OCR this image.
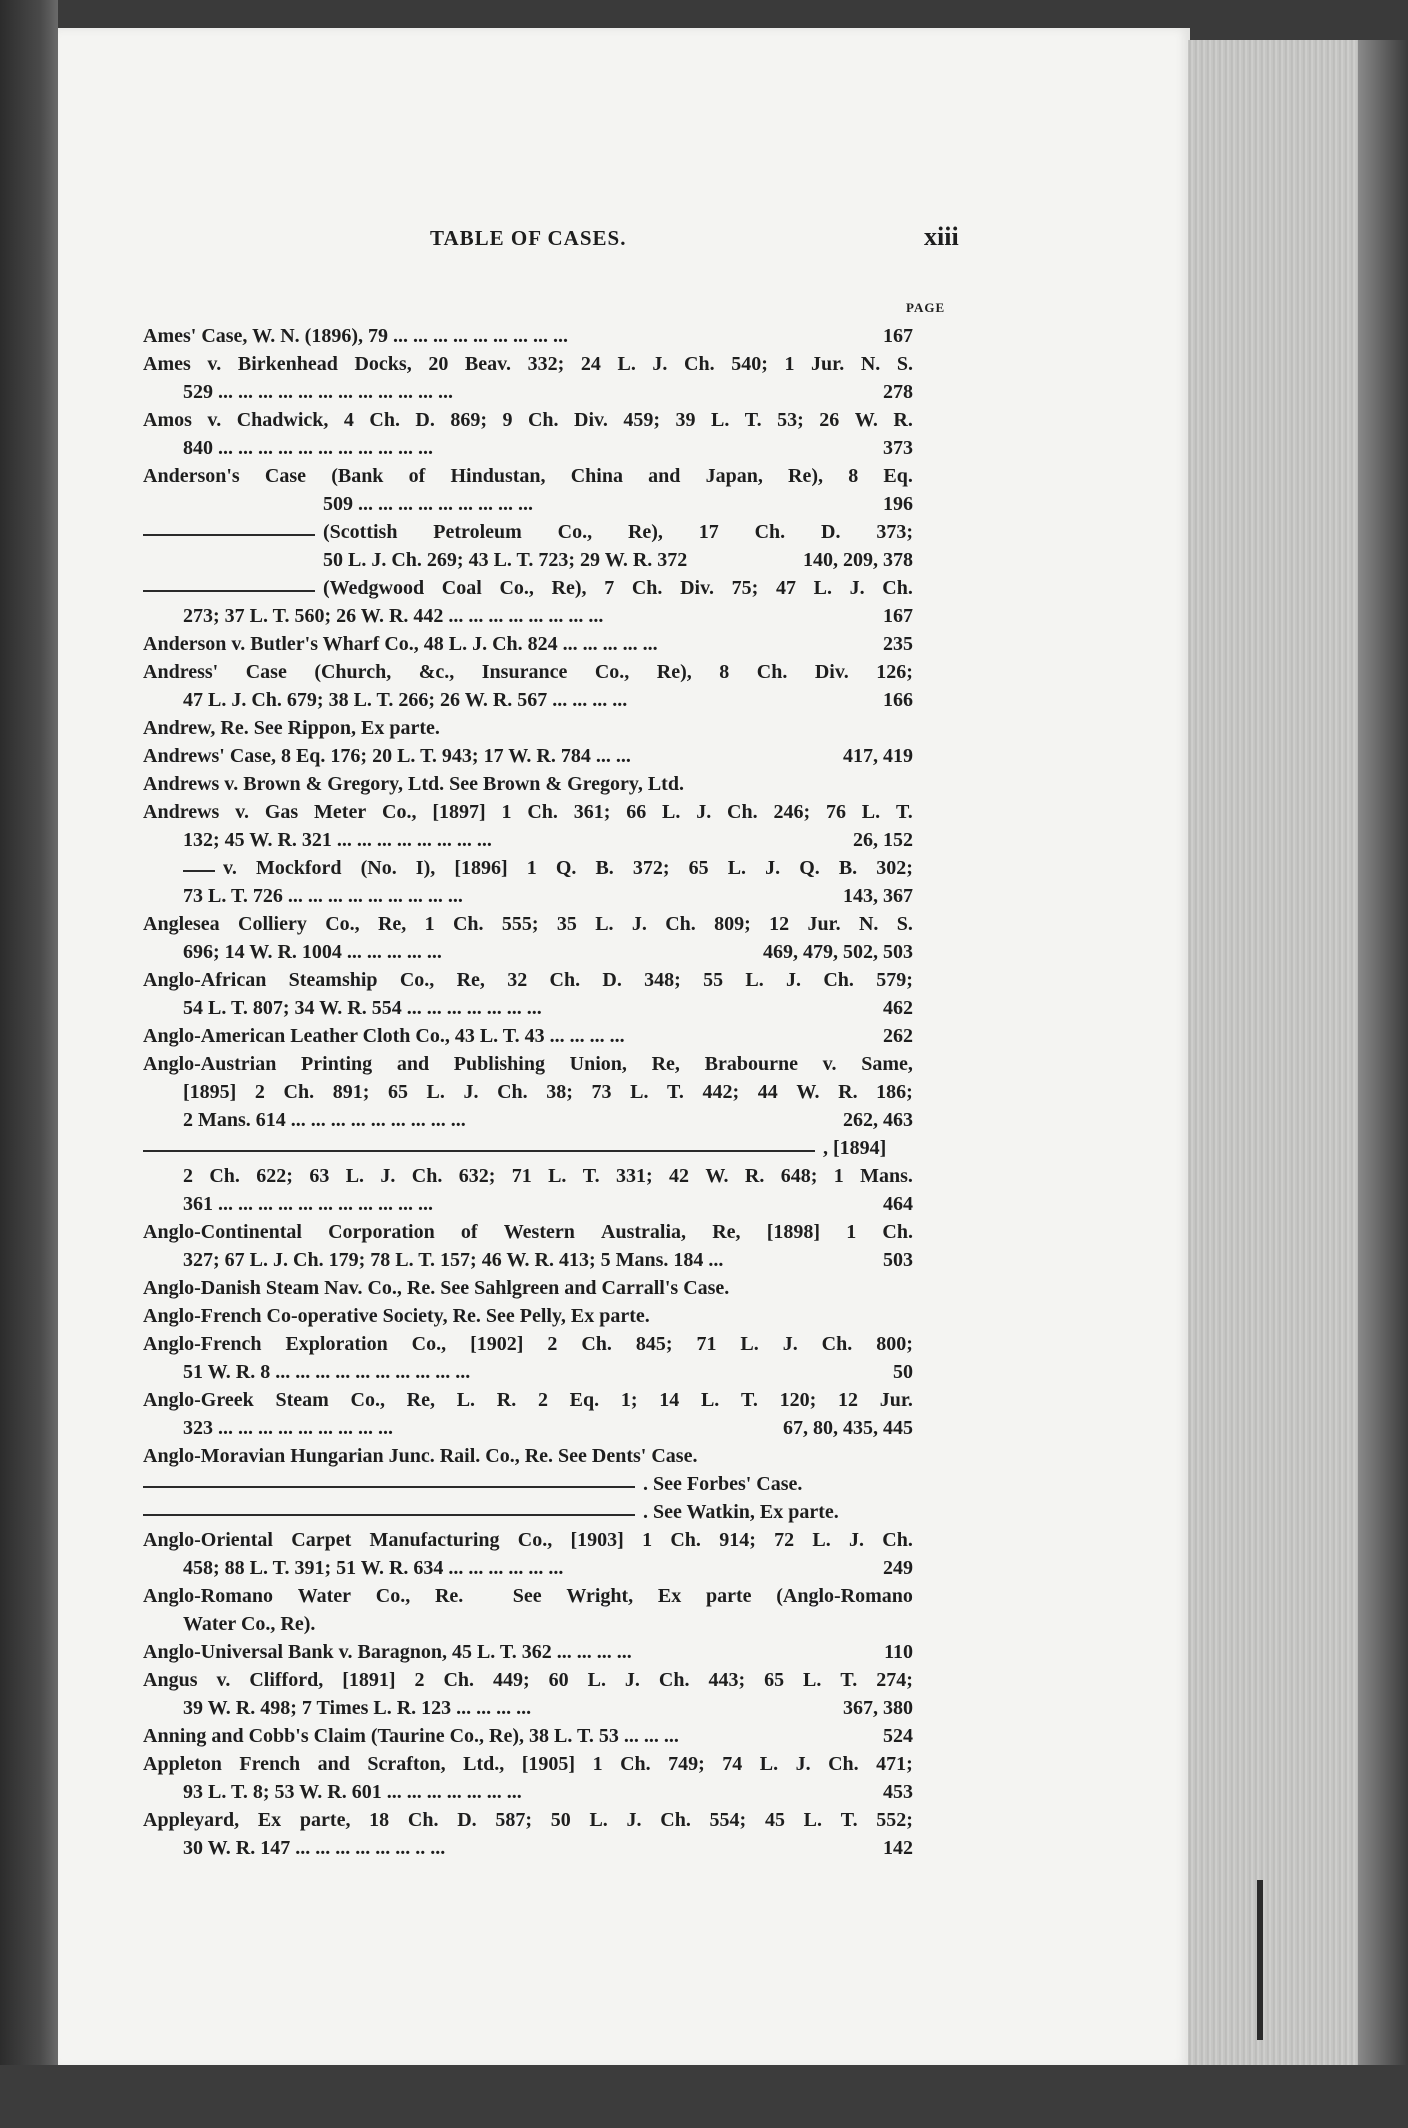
TABLE OF CASES.	xiii
PAGE
Ames' Case, W. N. (1896), 79 ... ... ... ... ... ... ... ... ...	167
Ames v. Birkenhead Docks, 20 Beav. 332; 24 L. J. Ch. 540; 1 Jur. N. S.
529 ... ... ... ... ... ... ... ... ... ... ... ...	278
Amos v. Chadwick, 4 Ch. D. 869; 9 Ch. Div. 459; 39 L. T. 53; 26 W. R.
840 ... ... ... ... ... ... ... ... ... ... ...	373
Anderson's Case (Bank of Hindustan, China and Japan, Re), 8 Eq.
509 ... ... ... ... ... ... ... ... ...	196
(Scottish Petroleum Co., Re), 17 Ch. D. 373;
50 L. J. Ch. 269; 43 L. T. 723; 29 W. R. 372	140, 209, 378
(Wedgwood Coal Co., Re), 7 Ch. Div. 75; 47 L. J. Ch.
273; 37 L. T. 560; 26 W. R. 442 ... ... ... ... ... ... ... ...	167
Anderson v. Butler's Wharf Co., 48 L. J. Ch. 824 ... ... ... ... ...	235
Andress' Case (Church, &c., Insurance Co., Re), 8 Ch. Div. 126;
47 L. J. Ch. 679; 38 L. T. 266; 26 W. R. 567 ... ... ... ...	166
Andrew, Re. See Rippon, Ex parte.
Andrews' Case, 8 Eq. 176; 20 L. T. 943; 17 W. R. 784 ... ...	417, 419
Andrews v. Brown & Gregory, Ltd. See Brown & Gregory, Ltd.
Andrews v. Gas Meter Co., [1897] 1 Ch. 361; 66 L. J. Ch. 246; 76 L. T.
132; 45 W. R. 321 ... ... ... ... ... ... ... ...	26, 152
v. Mockford (No. I), [1896] 1 Q. B. 372; 65 L. J. Q. B. 302;
73 L. T. 726 ... ... ... ... ... ... ... ... ...	143, 367
Anglesea Colliery Co., Re, 1 Ch. 555; 35 L. J. Ch. 809; 12 Jur. N. S.
696; 14 W. R. 1004 ... ... ... ... ...	469, 479, 502, 503
Anglo-African Steamship Co., Re, 32 Ch. D. 348; 55 L. J. Ch. 579;
54 L. T. 807; 34 W. R. 554 ... ... ... ... ... ... ...	462
Anglo-American Leather Cloth Co., 43 L. T. 43 ... ... ... ...	262
Anglo-Austrian Printing and Publishing Union, Re, Brabourne v. Same,
[1895] 2 Ch. 891; 65 L. J. Ch. 38; 73 L. T. 442; 44 W. R. 186;
2 Mans. 614 ... ... ... ... ... ... ... ... ...	262, 463
, [1894]
2 Ch. 622; 63 L. J. Ch. 632; 71 L. T. 331; 42 W. R. 648; 1 Mans.
361 ... ... ... ... ... ... ... ... ... ... ...	464
Anglo-Continental Corporation of Western Australia, Re, [1898] 1 Ch.
327; 67 L. J. Ch. 179; 78 L. T. 157; 46 W. R. 413; 5 Mans. 184 ...	503
Anglo-Danish Steam Nav. Co., Re. See Sahlgreen and Carrall's Case.
Anglo-French Co-operative Society, Re. See Pelly, Ex parte.
Anglo-French Exploration Co., [1902] 2 Ch. 845; 71 L. J. Ch. 800;
51 W. R. 8 ... ... ... ... ... ... ... ... ... ...	50
Anglo-Greek Steam Co., Re, L. R. 2 Eq. 1; 14 L. T. 120; 12 Jur.
323 ... ... ... ... ... ... ... ... ...	67, 80, 435, 445
Anglo-Moravian Hungarian Junc. Rail. Co., Re. See Dents' Case.
. See Forbes' Case.
. See Watkin, Ex parte.
Anglo-Oriental Carpet Manufacturing Co., [1903] 1 Ch. 914; 72 L. J. Ch.
458; 88 L. T. 391; 51 W. R. 634 ... ... ... ... ... ...	249
Anglo-Romano Water Co., Re. See Wright, Ex parte (Anglo-Romano
Water Co., Re).
Anglo-Universal Bank v. Baragnon, 45 L. T. 362 ... ... ... ...	110
Angus v. Clifford, [1891] 2 Ch. 449; 60 L. J. Ch. 443; 65 L. T. 274;
39 W. R. 498; 7 Times L. R. 123 ... ... ... ...	367, 380
Anning and Cobb's Claim (Taurine Co., Re), 38 L. T. 53 ... ... ...	524
Appleton French and Scrafton, Ltd., [1905] 1 Ch. 749; 74 L. J. Ch. 471;
93 L. T. 8; 53 W. R. 601 ... ... ... ... ... ... ...	453
Appleyard, Ex parte, 18 Ch. D. 587; 50 L. J. Ch. 554; 45 L. T. 552;
30 W. R. 147 ... ... ... ... ... ... .. ...	142
